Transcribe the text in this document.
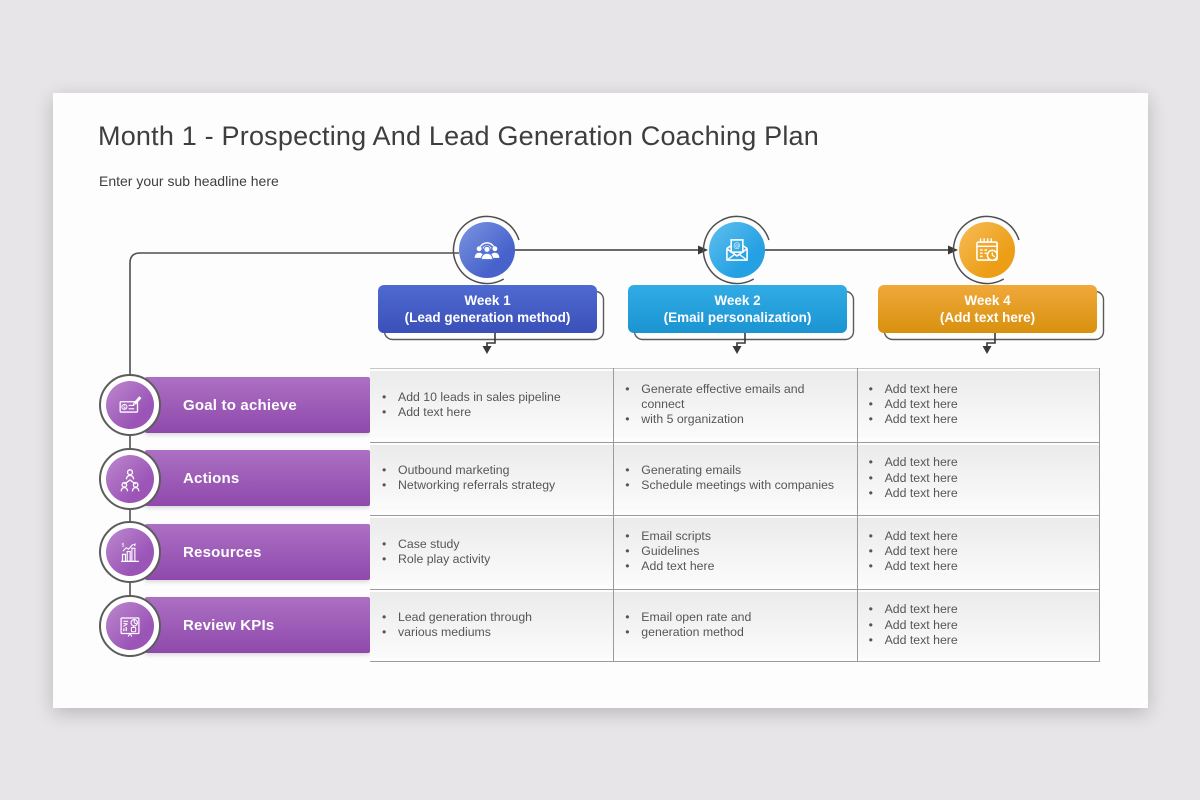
Month 1 - Prospecting And Lead Generation Coaching Plan
Enter your sub headline here
@
Week 1
(Lead generation method)
Week 2
(Email personalization)
Week 4
(Add text here)
Goal to achieve
Actions
Resources
Review KPIs
$
$
• Add 10 leads in sales pipeline
• Add text here
• Generate effective emails and connect
• with 5 organization
• Add text here
• Add text here
• Add text here
• Outbound marketing
• Networking referrals strategy
• Generating emails
• Schedule meetings with companies
• Add text here
• Add text here
• Add text here
• Case study
• Role play activity
• Email scripts
• Guidelines
• Add text here
• Add text here
• Add text here
• Add text here
• Lead generation through
• various mediums
• Email open rate and
• generation method
• Add text here
• Add text here
• Add text here
